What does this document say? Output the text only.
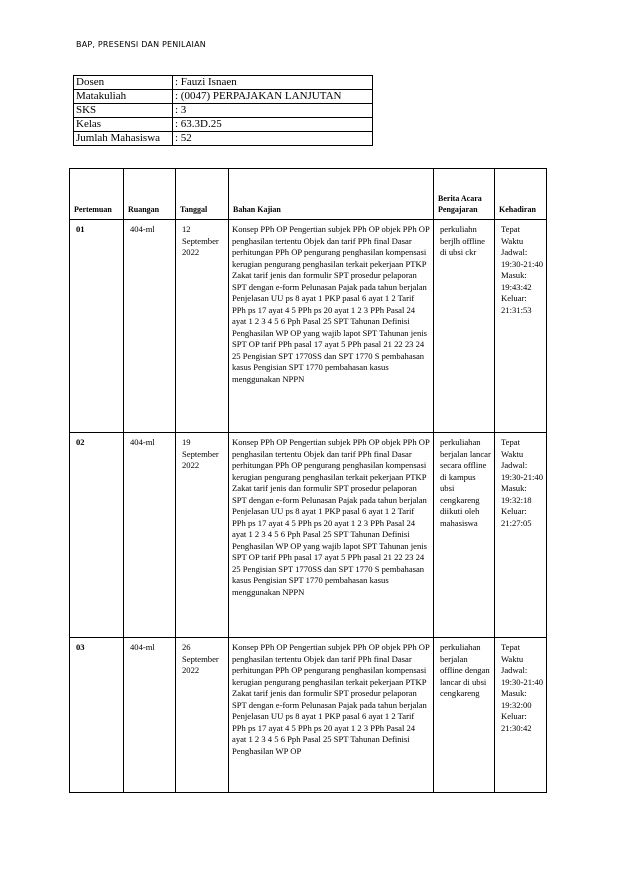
BAP, PRESENSI DAN PENILAIAN
Dosen	: Fauzi Isnaen
Matakuliah	: (0047) PERPAJAKAN LANJUTAN
SKS	: 3
Kelas	: 63.3D.25
Jumlah Mahasiswa	: 52
Pertemuan	Ruangan	Tanggal	Bahan Kajian	Berita Acara Pengajaran	Kehadiran
01	404-ml	12 September 2022	Konsep PPh OP Pengertian subjek PPh OP objek PPh OP penghasilan tertentu Objek dan tarif PPh final Dasar perhitungan PPh OP pengurang penghasilan kompensasi kerugian pengurang penghasilan terkait pekerjaan PTKP Zakat tarif jenis dan formulir SPT prosedur pelaporan SPT dengan e-form Pelunasan Pajak pada tahun berjalan Penjelasan UU ps 8 ayat 1 PKP pasal 6 ayat 1 2 Tarif PPh ps 17 ayat 4 5 PPh ps 20 ayat 1 2 3 PPh Pasal 24 ayat 1 2 3 4 5 6 Pph Pasal 25 SPT Tahunan Definisi Penghasilan WP OP yang wajib lapot SPT Tahunan jenis SPT OP tarif PPh pasal 17 ayat 5 PPh pasal 21 22 23 24 25 Pengisian SPT 1770SS dan SPT 1770 S pembahasan kasus Pengisian SPT 1770 pembahasan kasus menggunakan NPPN	perkuliahn berjlh offline di ubsi ckr	Tepat Waktu Jadwal: 19:30-21:40 Masuk: 19:43:42 Keluar: 21:31:53
02	404-ml	19 September 2022	Konsep PPh OP Pengertian subjek PPh OP objek PPh OP penghasilan tertentu Objek dan tarif PPh final Dasar perhitungan PPh OP pengurang penghasilan kompensasi kerugian pengurang penghasilan terkait pekerjaan PTKP Zakat tarif jenis dan formulir SPT prosedur pelaporan SPT dengan e-form Pelunasan Pajak pada tahun berjalan Penjelasan UU ps 8 ayat 1 PKP pasal 6 ayat 1 2 Tarif PPh ps 17 ayat 4 5 PPh ps 20 ayat 1 2 3 PPh Pasal 24 ayat 1 2 3 4 5 6 Pph Pasal 25 SPT Tahunan Definisi Penghasilan WP OP yang wajib lapot SPT Tahunan jenis SPT OP tarif PPh pasal 17 ayat 5 PPh pasal 21 22 23 24 25 Pengisian SPT 1770SS dan SPT 1770 S pembahasan kasus Pengisian SPT 1770 pembahasan kasus menggunakan NPPN	perkuliahan berjalan lancar secara offline di kampus ubsi cengkareng diikuti oleh mahasiswa	Tepat Waktu Jadwal: 19:30-21:40 Masuk: 19:32:18 Keluar: 21:27:05
03	404-ml	26 September 2022	Konsep PPh OP Pengertian subjek PPh OP objek PPh OP penghasilan tertentu Objek dan tarif PPh final Dasar perhitungan PPh OP pengurang penghasilan kompensasi kerugian pengurang penghasilan terkait pekerjaan PTKP Zakat tarif jenis dan formulir SPT prosedur pelaporan SPT dengan e-form Pelunasan Pajak pada tahun berjalan Penjelasan UU ps 8 ayat 1 PKP pasal 6 ayat 1 2 Tarif PPh ps 17 ayat 4 5 PPh ps 20 ayat 1 2 3 PPh Pasal 24 ayat 1 2 3 4 5 6 Pph Pasal 25 SPT Tahunan Definisi Penghasilan WP OP	perkuliahan berjalan offline dengan lancar di ubsi cengkareng	Tepat Waktu Jadwal: 19:30-21:40 Masuk: 19:32:00 Keluar: 21:30:42
